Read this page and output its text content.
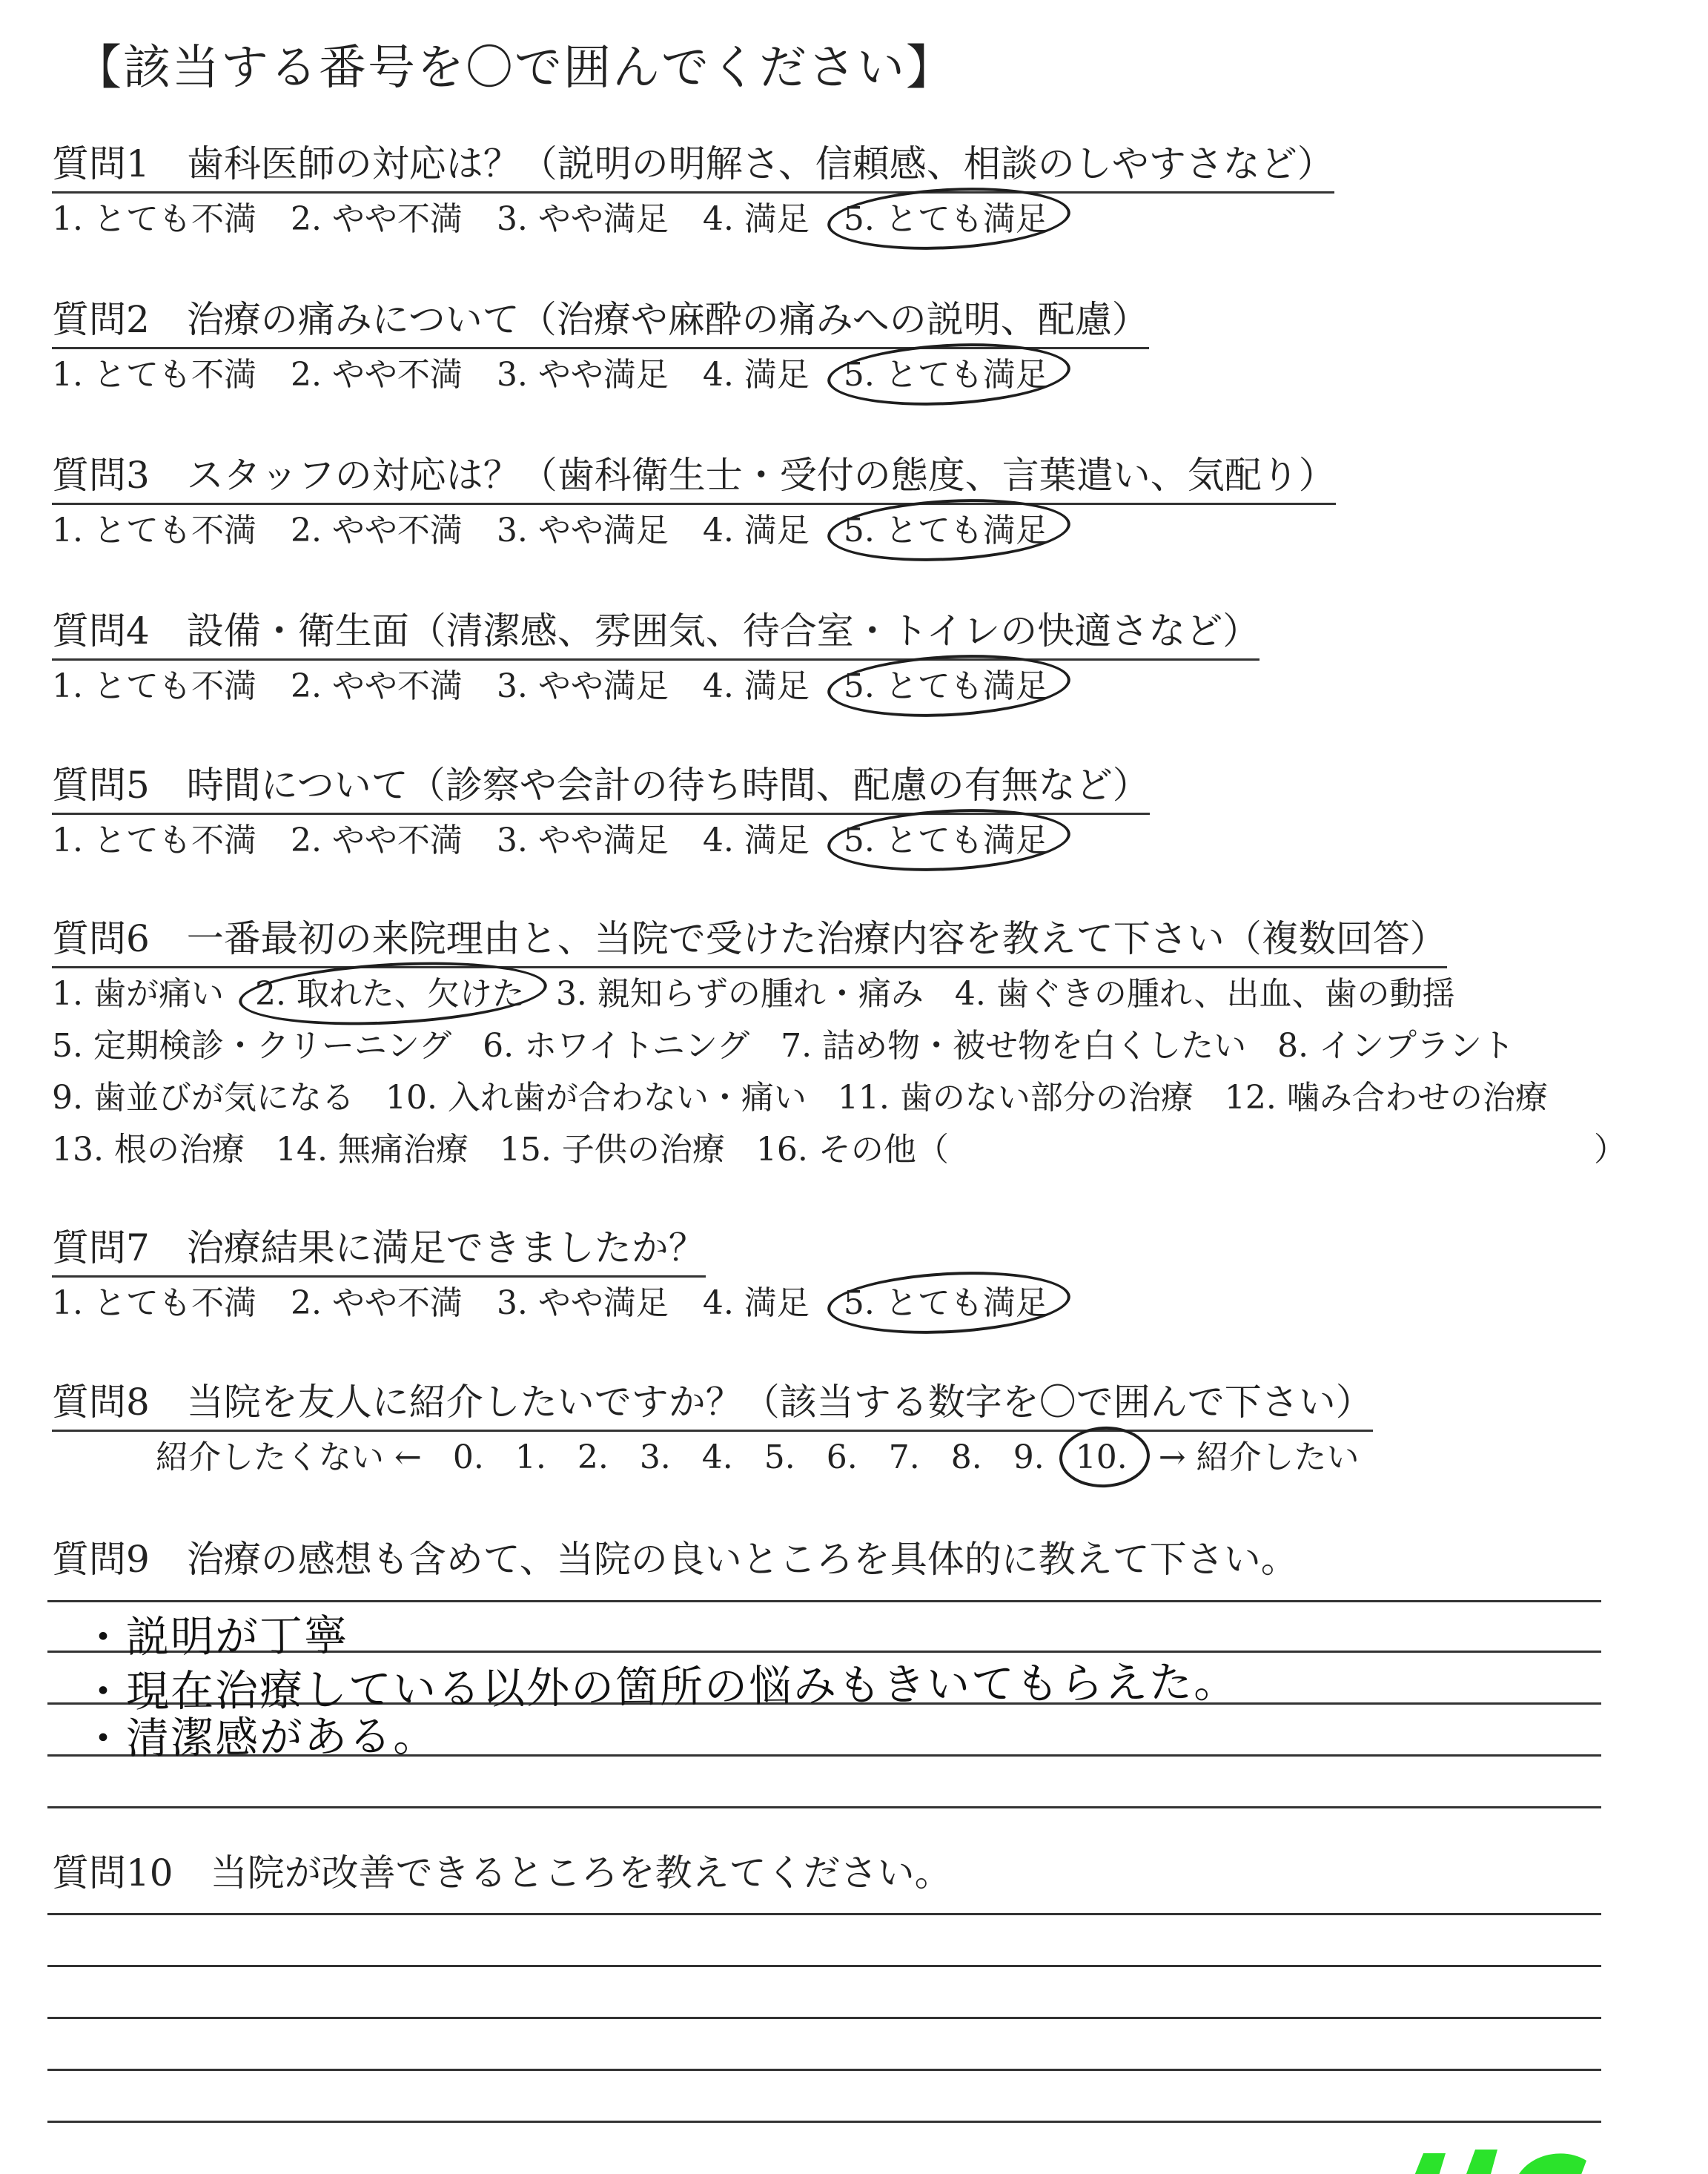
【該当する番号を〇で囲んでください】
質問1　歯科医師の対応は？（説明の明解さ、信頼感、相談のしやすさなど）
1. とても不満 2. やや不満 3. やや満足 4. 満足 5. とても満足
質問2　治療の痛みについて（治療や麻酔の痛みへの説明、配慮）
1. とても不満 2. やや不満 3. やや満足 4. 満足 5. とても満足
質問3　スタッフの対応は？（歯科衛生士・受付の態度、言葉遣い、気配り）
1. とても不満 2. やや不満 3. やや満足 4. 満足 5. とても満足
質問4　設備・衛生面（清潔感、雰囲気、待合室・トイレの快適さなど）
1. とても不満 2. やや不満 3. やや満足 4. 満足 5. とても満足
質問5　時間について（診察や会計の待ち時間、配慮の有無など）
1. とても不満 2. やや不満 3. やや満足 4. 満足 5. とても満足
質問6　一番最初の来院理由と、当院で受けた治療内容を教えて下さい（複数回答）
1. 歯が痛い 2. 取れた、欠けた 3. 親知らずの腫れ・痛み 4. 歯ぐきの腫れ、出血、歯の動揺
5. 定期検診・クリーニング 6. ホワイトニング 7. 詰め物・被せ物を白くしたい 8. インプラント
9. 歯並びが気になる 10. 入れ歯が合わない・痛い 11. 歯のない部分の治療 12. 噛み合わせの治療
13. 根の治療 14. 無痛治療 15. 子供の治療 16. その他（	）
質問7　治療結果に満足できましたか？
1. とても不満 2. やや不満 3. やや満足 4. 満足 5. とても満足
質問8　当院を友人に紹介したいですか？（該当する数字を〇で囲んで下さい）
紹介したくない ← 0. 1. 2. 3. 4. 5. 6. 7. 8. 9. 10. → 紹介したい
質問9　治療の感想も含めて、当院の良いところを具体的に教えて下さい。
・説明が丁寧
・現在治療している以外の箇所の悩みもきいてもらえた。
・清潔感がある。
質問10　当院が改善できるところを教えてください。
